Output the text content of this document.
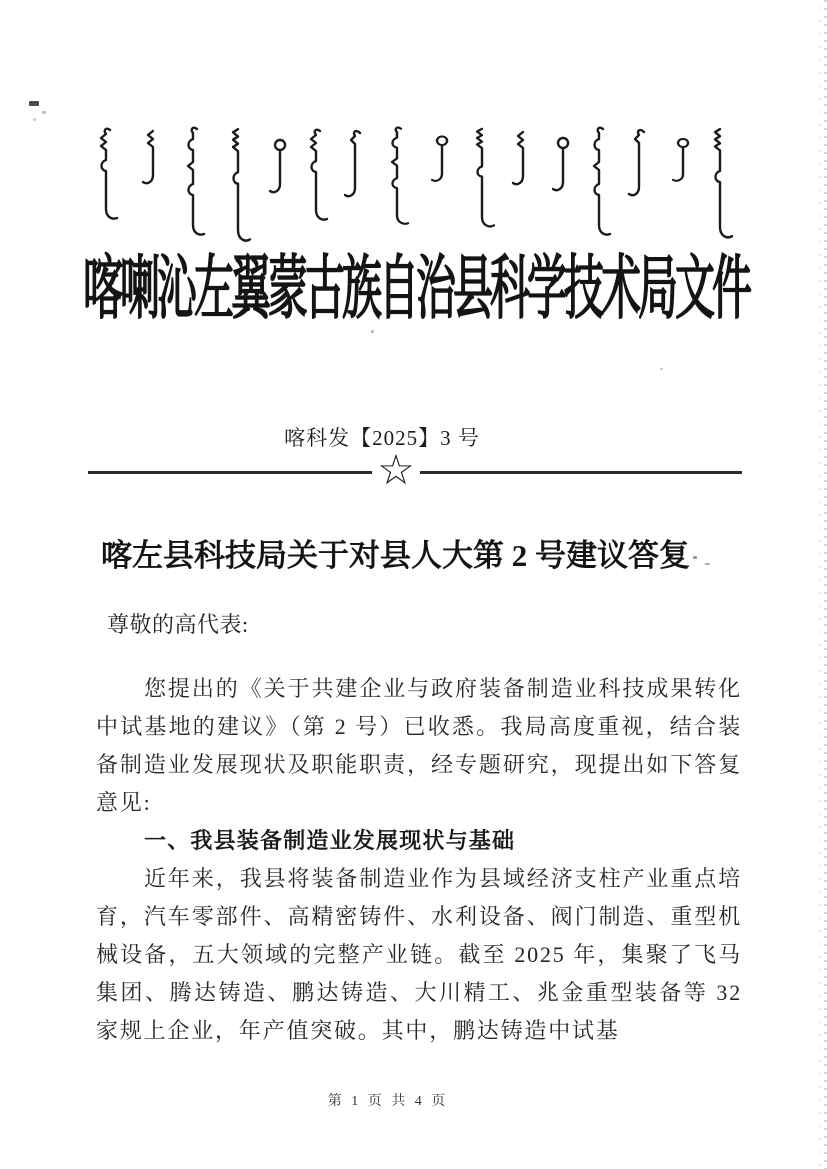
喀喇沁左翼蒙古族自治县科学技术局文件
喀科发【2025】3 号
☆
喀左县科技局关于对县人大第 2 号建议答复

尊敬的高代表:

您提出的《关于共建企业与政府装备制造业科技成果转化中试基地的建议》（第 2 号）已收悉。我局高度重视，结合装备制造业发展现状及职能职责，经专题研究，现提出如下答复意见:

一、我县装备制造业发展现状与基础

近年来，我县将装备制造业作为县域经济支柱产业重点培育，汽车零部件、高精密铸件、水利设备、阀门制造、重型机械设备，五大领域的完整产业链。截至 2025 年，集聚了飞马集团、腾达铸造、鹏达铸造、大川精工、兆金重型装备等 32 家规上企业，年产值突破。其中，鹏达铸造中试基

第 1 页 共 4 页
